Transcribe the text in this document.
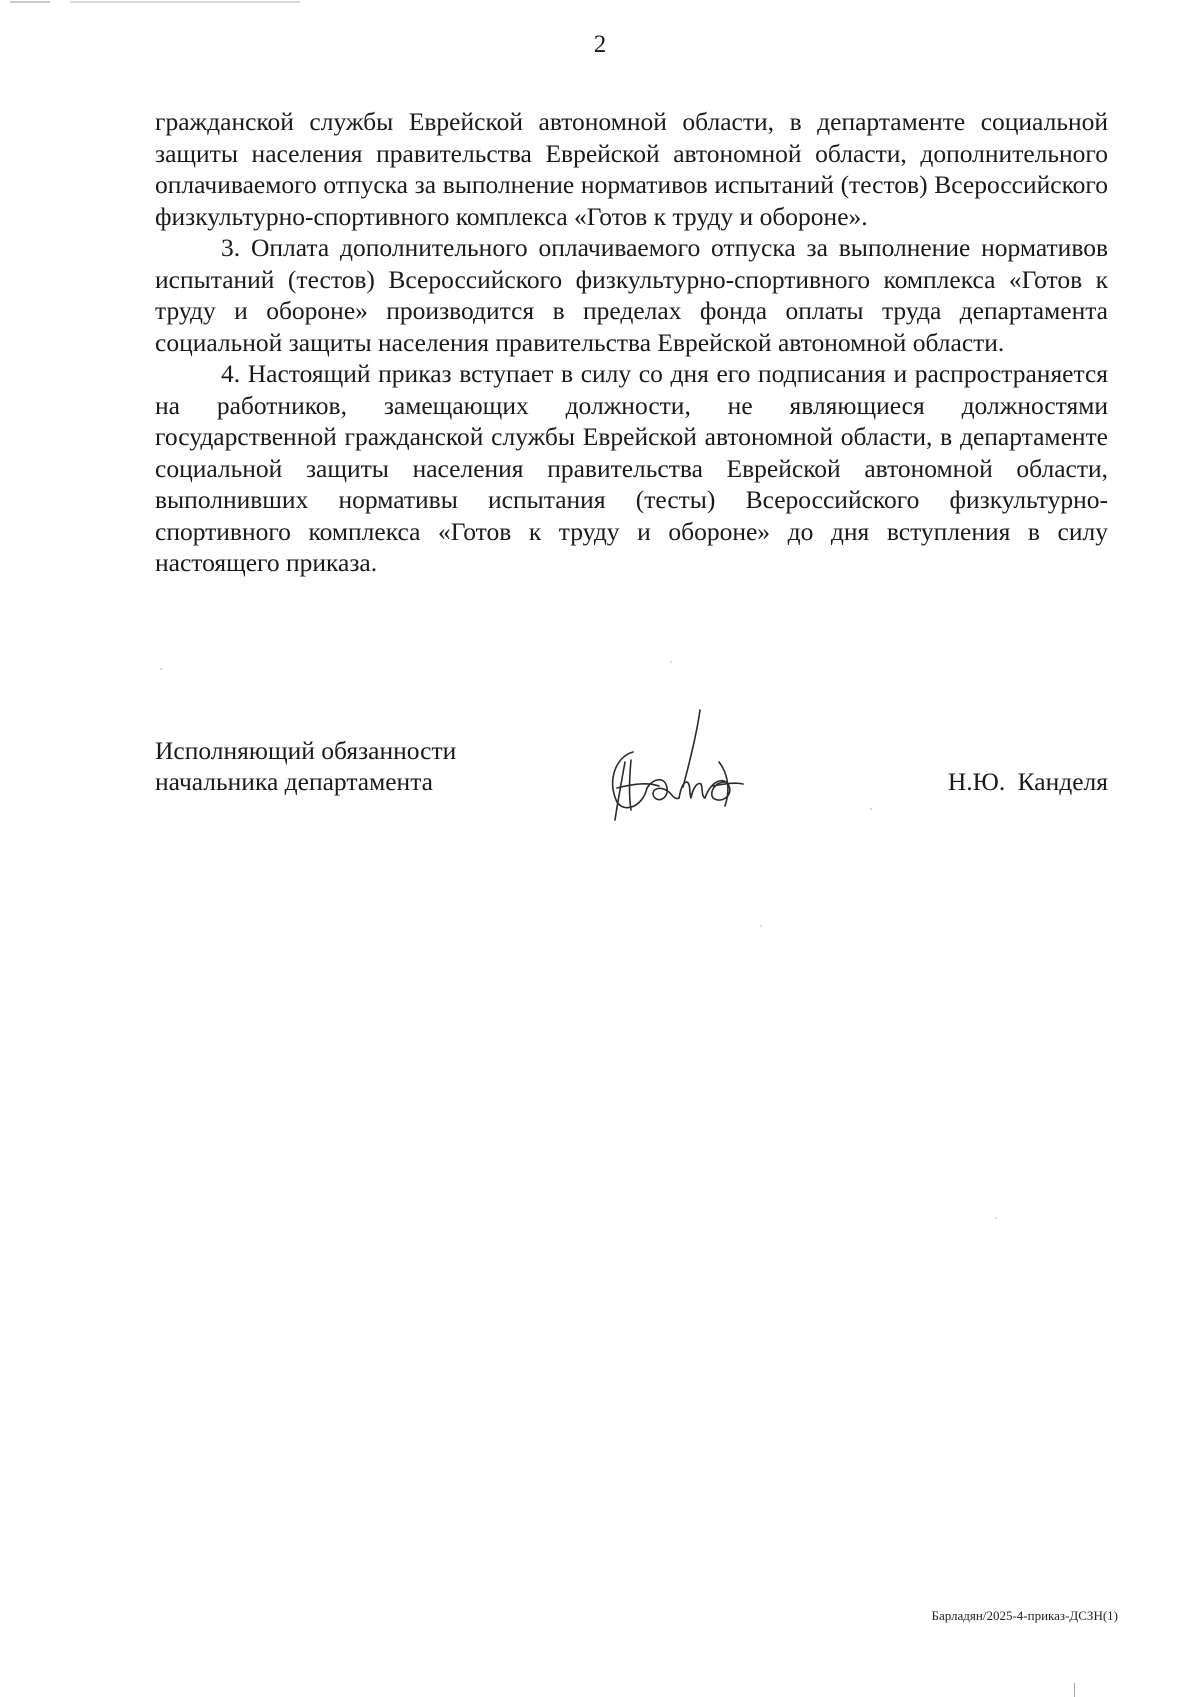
2

гражданской службы Еврейской автономной области, в департаменте социальной защиты населения правительства Еврейской автономной области, дополнительного оплачиваемого отпуска за выполнение нормативов испытаний (тестов) Всероссийского физкультурно-спортивного комплекса «Готов к труду и обороне».

3. Оплата дополнительного оплачиваемого отпуска за выполнение нормативов испытаний (тестов) Всероссийского физкультурно-спортивного комплекса «Готов к труду и обороне» производится в пределах фонда оплаты труда департамента социальной защиты населения правительства Еврейской автономной области.

4. Настоящий приказ вступает в силу со дня его подписания и распространяется на работников, замещающих должности, не являющиеся должностями государственной гражданской службы Еврейской автономной области, в департаменте социальной защиты населения правительства Еврейской автономной области, выполнивших нормативы испытания (тесты) Всероссийского физкультурно-спортивного комплекса «Готов к труду и обороне» до дня вступления в силу настоящего приказа.

Исполняющий обязанности
начальника департамента	Н.Ю. Канделя
Барладян/2025-4-приказ-ДСЗН(1)
